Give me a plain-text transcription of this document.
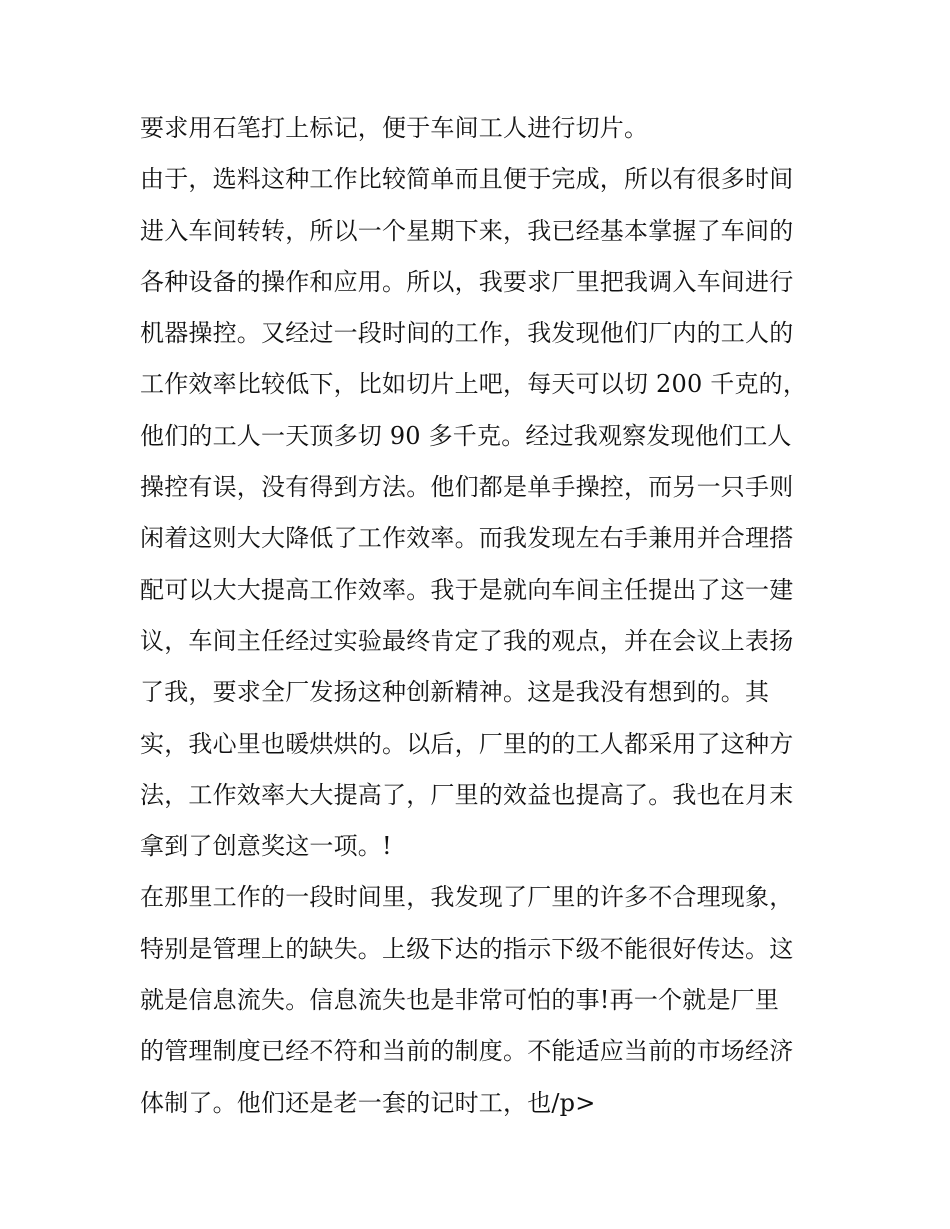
要求用石笔打上标记，便于车间工人进行切片。
由于，选料这种工作比较简单而且便于完成，所以有很多时间
进入车间转转，所以一个星期下来，我已经基本掌握了车间的
各种设备的操作和应用。所以，我要求厂里把我调入车间进行
机器操控。又经过一段时间的工作，我发现他们厂内的工人的
工作效率比较低下，比如切片上吧，每天可以切 200 千克的，
他们的工人一天顶多切 90 多千克。经过我观察发现他们工人
操控有误，没有得到方法。他们都是单手操控，而另一只手则
闲着这则大大降低了工作效率。而我发现左右手兼用并合理搭
配可以大大提高工作效率。我于是就向车间主任提出了这一建
议，车间主任经过实验最终肯定了我的观点，并在会议上表扬
了我，要求全厂发扬这种创新精神。这是我没有想到的。其
实，我心里也暖烘烘的。以后，厂里的的工人都采用了这种方
法，工作效率大大提高了，厂里的效益也提高了。我也在月末
拿到了创意奖这一项。!
在那里工作的一段时间里，我发现了厂里的许多不合理现象，
特别是管理上的缺失。上级下达的指示下级不能很好传达。这
就是信息流失。信息流失也是非常可怕的事!再一个就是厂里
的管理制度已经不符和当前的制度。不能适应当前的市场经济
体制了。他们还是老一套的记时工，也/p>
